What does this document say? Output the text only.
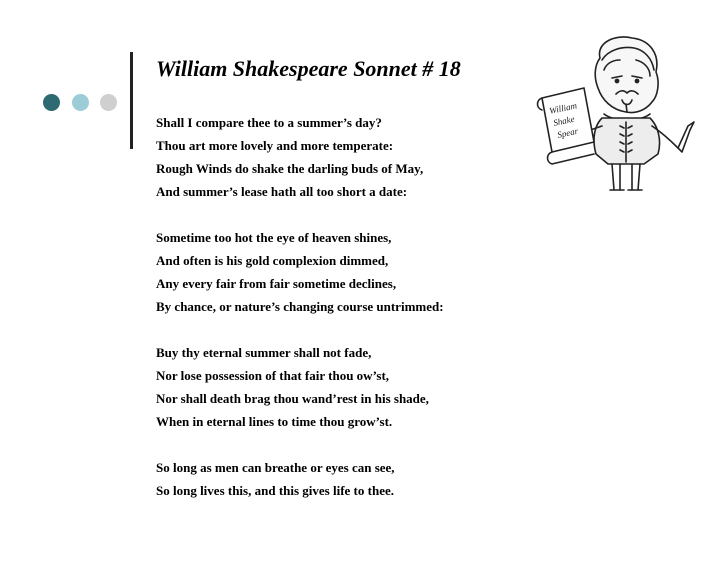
William Shakespeare Sonnet # 18
Shall I compare thee to a summer’s day?
Thou art more lovely and more temperate:
Rough Winds do shake the darling buds of May,
And summer’s lease hath all too short a date:
Sometime too hot the eye of heaven shines,
And often is his gold complexion dimmed,
Any every fair from fair sometime declines,
By chance, or nature’s changing course untrimmed:
Buy thy eternal summer shall not fade,
Nor lose possession of that fair thou ow’st,
Nor shall death brag thou wand’rest in his shade,
When in eternal lines to time thou grow’st.
So long as men can breathe or eyes can see,
So long lives this, and this gives life to thee.
William
Shake
Spear
